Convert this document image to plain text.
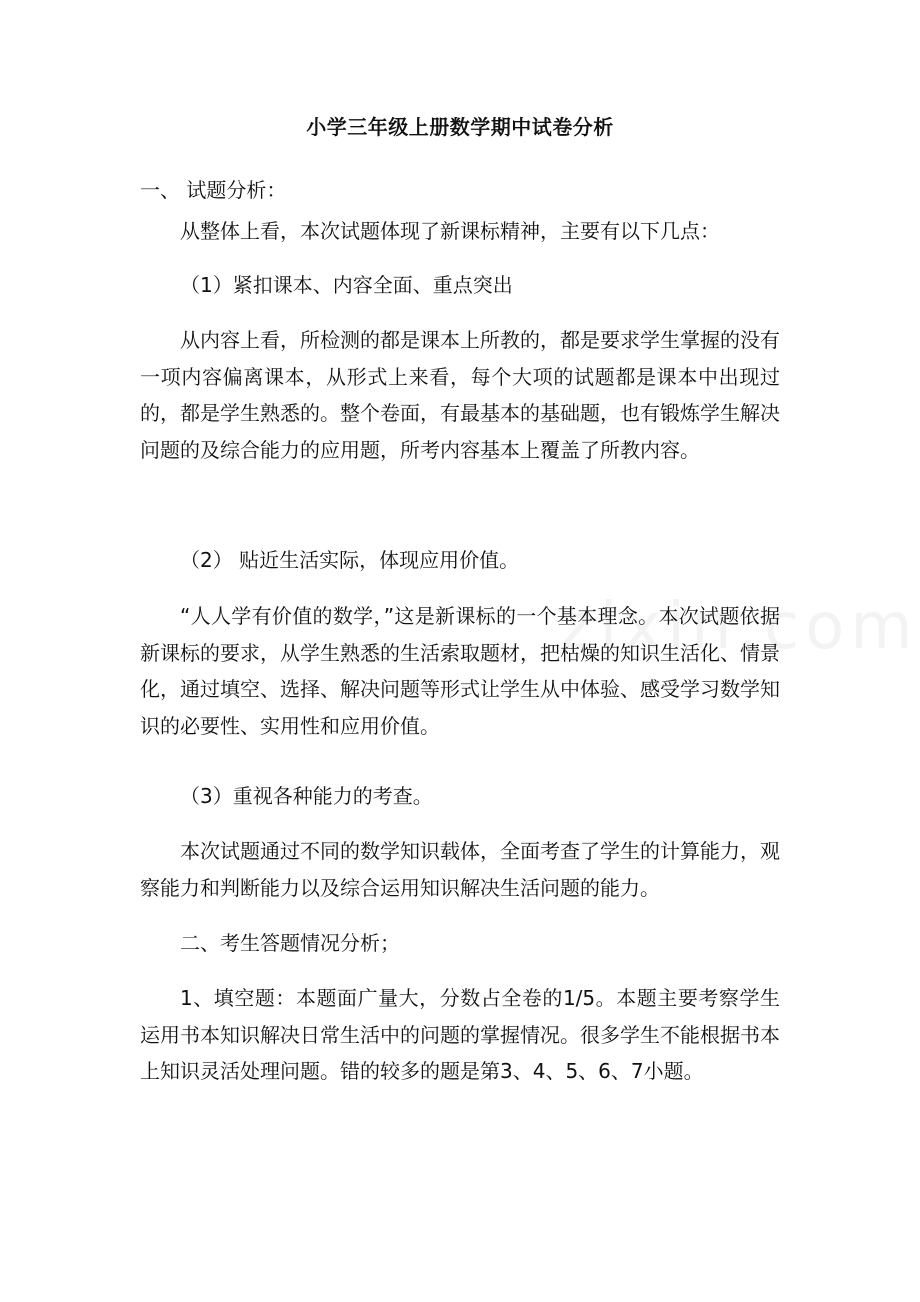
小学三年级上册数学期中试卷分析
一、 试题分析：
从整体上看，本次试题体现了新课标精神，主要有以下几点：
（1）紧扣课本、内容全面、重点突出
从内容上看，所检测的都是课本上所教的，都是要求学生掌握的没有一项内容偏离课本，从形式上来看，每个大项的试题都是课本中出现过的，都是学生熟悉的。整个卷面，有最基本的基础题，也有锻炼学生解决问题的及综合能力的应用题，所考内容基本上覆盖了所教内容。
（2） 贴近生活实际，体现应用价值。
“人人学有价值的数学，”这是新课标的一个基本理念。本次试题依据新课标的要求，从学生熟悉的生活索取题材，把枯燥的知识生活化、情景化，通过填空、选择、解决问题等形式让学生从中体验、感受学习数学知识的必要性、实用性和应用价值。
（3）重视各种能力的考查。
本次试题通过不同的数学知识载体，全面考查了学生的计算能力，观察能力和判断能力以及综合运用知识解决生活问题的能力。
二、考生答题情况分析；
1、填空题：本题面广量大，分数占全卷的1/5。本题主要考察学生运用书本知识解决日常生活中的问题的掌握情况。很多学生不能根据书本上知识灵活处理问题。错的较多的题是第3、4、5、6、7小题。
